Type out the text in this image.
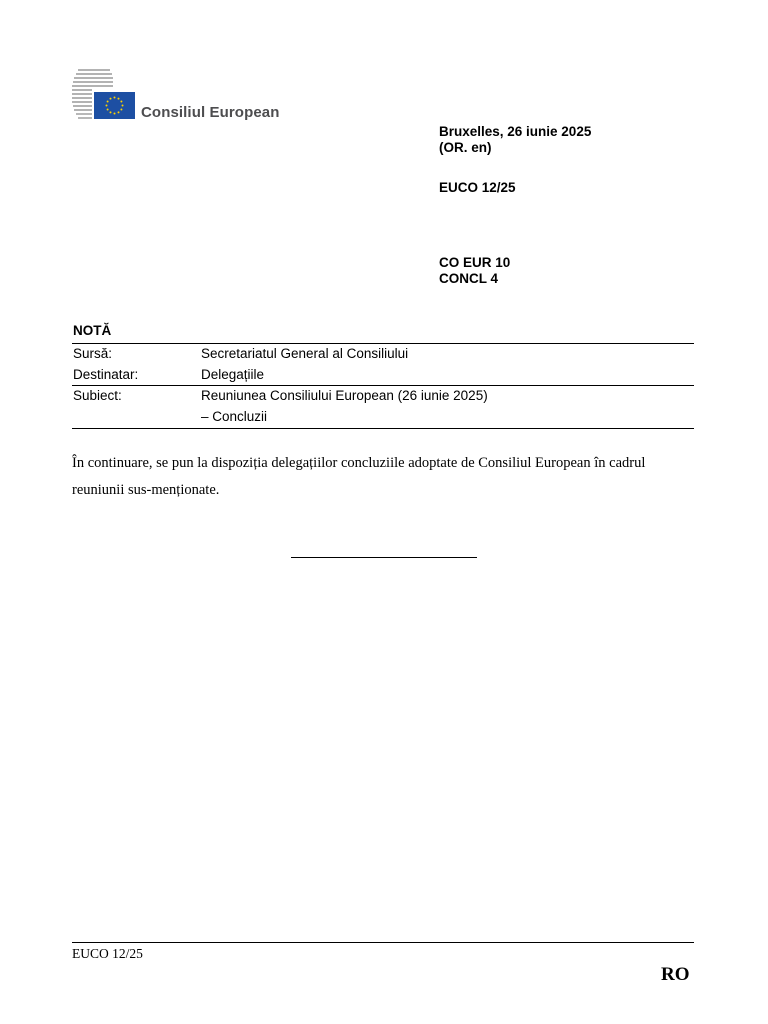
Consiliul European
Bruxelles, 26 iunie 2025
(OR. en)
EUCO 12/25
CO EUR 10
CONCL 4
NOTĂ
Sursă:	Secretariatul General al Consiliului
Destinatar:	Delegațiile
Subiect:	Reuniunea Consiliului European (26 iunie 2025)
– Concluzii
În continuare, se pun la dispoziția delegațiilor concluziile adoptate de Consiliul European în cadrul reuniunii sus-menționate.
EUCO 12/25
RO
